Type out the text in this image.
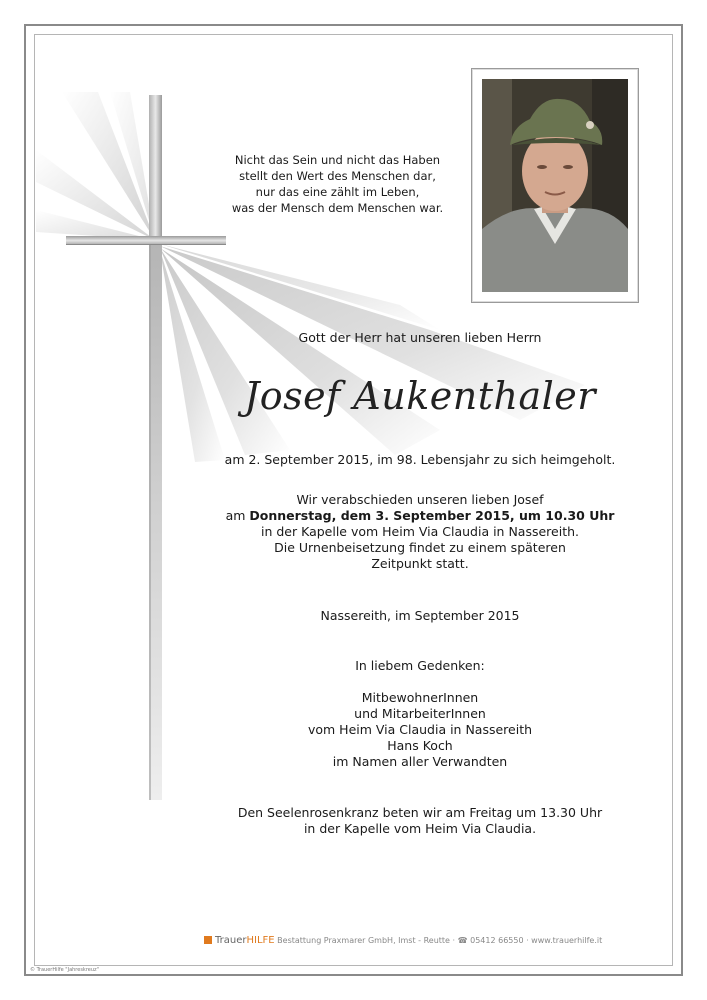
Nicht das Sein und nicht das Haben
stellt den Wert des Menschen dar,
nur das eine zählt im Leben,
was der Mensch dem Menschen war.
Gott der Herr hat unseren lieben Herrn
Josef Aukenthaler
am 2. September 2015, im 98. Lebensjahr zu sich heimgeholt.
Wir verabschieden unseren lieben Josef
am Donnerstag, dem 3. September 2015, um 10.30 Uhr
in der Kapelle vom Heim Via Claudia in Nassereith.
Die Urnenbeisetzung findet zu einem späteren
Zeitpunkt statt.
Nassereith, im September 2015
In liebem Gedenken:
MitbewohnerInnen
und MitarbeiterInnen
vom Heim Via Claudia in Nassereith
Hans Koch
im Namen aller Verwandten
Den Seelenrosenkranz beten wir am Freitag um 13.30 Uhr
in der Kapelle vom Heim Via Claudia.
TrauerHILFE Bestattung Praxmarer GmbH, Imst - Reutte · ☎ 05412 66550 · www.trauerhilfe.it
© TrauerHilfe "Jahreskreuz"
